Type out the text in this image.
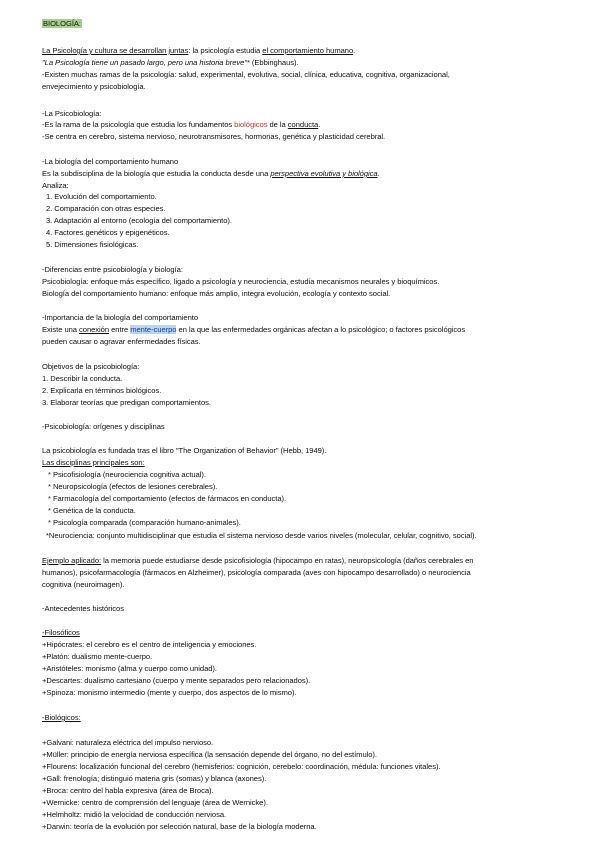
BIOLOGÍA:
La Psicología y cultura se desarrollan juntas: la psicología estudia el comportamiento humano.
"La Psicología tiene un pasado largo, pero una historia breve"* (Ebbinghaus).
-Existen muchas ramas de la psicología: salud, experimental, evolutiva, social, clínica, educativa, cognitiva, organizacional,
envejecimiento y psicobiología.
-La Psicobiología:
-Es la rama de la psicología que estudia los fundamentos biológicos de la conducta.
-Se centra en cerebro, sistema nervioso, neurotransmisores, hormonas, genética y plasticidad cerebral.
-La biología del comportamiento humano
Es la subdisciplina de la biología que estudia la conducta desde una perspectiva evolutiva y biológica.
Analiza:
1. Evolución del comportamiento.
2. Comparación con otras especies.
3. Adaptación al entorno (ecología del comportamiento).
4. Factores genéticos y epigenéticos.
5. Dimensiones fisiológicas.
-Diferencias entre psicobiología y biología:
Psicobiología: enfoque más específico, ligado a psicología y neurociencia, estudia mecanismos neurales y bioquímicos.
Biología del comportamiento humano: enfoque más amplio, integra evolución, ecología y contexto social.
-Importancia de la biología del comportamiento
Existe una conexión entre mente-cuerpo en la que las enfermedades orgánicas afectan a lo psicológico; o factores psicológicos
pueden causar o agravar enfermedades físicas.
Objetivos de la psicobiología:
1. Describir la conducta.
2. Explicarla en términos biológicos.
3. Elaborar teorías que predigan comportamientos.
-Psicobiología: orígenes y disciplinas
La psicobiología es fundada tras el libro "The Organization of Behavior" (Hebb, 1949).
Las disciplinas principales son:
* Psicofisiología (neurociencia cognitiva actual).
* Neuropsicología (efectos de lesiones cerebrales).
* Farmacología del comportamiento (efectos de fármacos en conducta).
* Genética de la conducta.
* Psicología comparada (comparación humano-animales).
*Neurociencia: conjunto multidisciplinar que estudia el sistema nervioso desde varios niveles (molecular, celular, cognitivo, social).
Ejemplo aplicado: la memoria puede estudiarse desde psicofisiología (hipocampo en ratas), neuropsicología (daños cerebrales en
humanos), psicofarmacología (fármacos en Alzheimer), psicología comparada (aves con hipocampo desarrollado) o neurociencia
cognitiva (neuroimagen).
-Antecedentes históricos
-Filosóficos
+Hipócrates: el cerebro es el centro de inteligencia y emociones.
+Platón: dualismo mente-cuerpo.
+Aristóteles: monismo (alma y cuerpo como unidad).
+Descartes: dualismo cartesiano (cuerpo y mente separados pero relacionados).
+Spinoza: monismo intermedio (mente y cuerpo, dos aspectos de lo mismo).
-Biológicos:
+Galvani: naturaleza eléctrica del impulso nervioso.
+Müller: principio de energía nerviosa específica (la sensación depende del órgano, no del estímulo).
+Flourens: localización funcional del cerebro (hemisferios: cognición, cerebelo: coordinación, médula: funciones vitales).
+Gall: frenología; distinguió materia gris (somas) y blanca (axones).
+Broca: centro del habla expresiva (área de Broca).
+Wernicke: centro de comprensión del lenguaje (área de Wernicke).
+Helmholtz: midió la velocidad de conducción nerviosa.
+Darwin: teoría de la evolución por selección natural, base de la biología moderna.
